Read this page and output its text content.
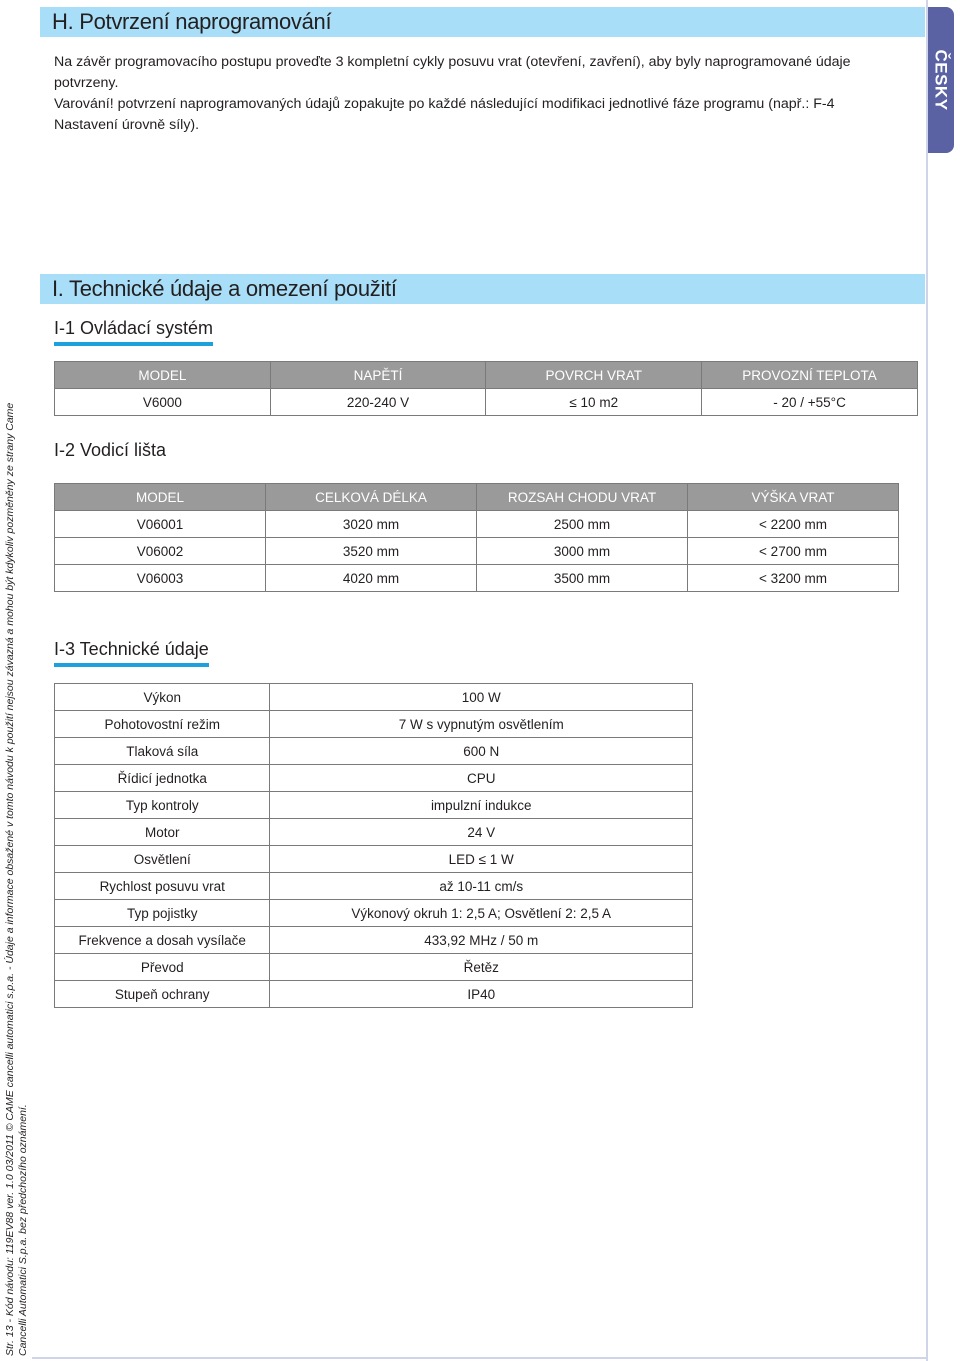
ČESKY
H. Potvrzení naprogramování
Na závěr programovacího postupu proveďte 3 kompletní cykly posuvu vrat (otevření, zavření), aby byly naprogramované údaje potvrzeny.
Varování! potvrzení naprogramovaných údajů zopakujte po každé následující modifikaci jednotlivé fáze programu (např.: F-4 Nastavení úrovně síly).
I. Technické údaje a omezení použití
I-1 Ovládací systém
MODEL	NAPĚTÍ	POVRCH VRAT	PROVOZNÍ TEPLOTA
V6000	220-240 V	≤ 10 m2	- 20 / +55°C
I-2 Vodicí lišta
MODEL	CELKOVÁ DÉLKA	ROZSAH CHODU VRAT	VÝŠKA VRAT
V06001	3020 mm	2500 mm	< 2200 mm
V06002	3520 mm	3000 mm	< 2700 mm
V06003	4020 mm	3500 mm	< 3200 mm
I-3 Technické údaje
Výkon	100 W
Pohotovostní režim	7 W s vypnutým osvětlením
Tlaková síla	600 N
Řídicí jednotka	CPU
Typ kontroly	impulzní indukce
Motor	24 V
Osvětlení	LED ≤ 1 W
Rychlost posuvu vrat	až 10-11 cm/s
Typ pojistky	Výkonový okruh 1: 2,5 A; Osvětlení 2: 2,5 A
Frekvence a dosah vysílače	433,92 MHz / 50 m
Převod	Řetěz
Stupeň ochrany	IP40
Str. 13 - Kód návodu: 119EV88 ver. 1.0 03/2011 © CAME cancelli automatici s.p.a. - Údaje a informace obsažené v tomto návodu k použití nejsou závazná a mohou být kdykoliv pozměněny ze strany Came Cancelli Automatici S.p.a. bez předchozího oznámení.
